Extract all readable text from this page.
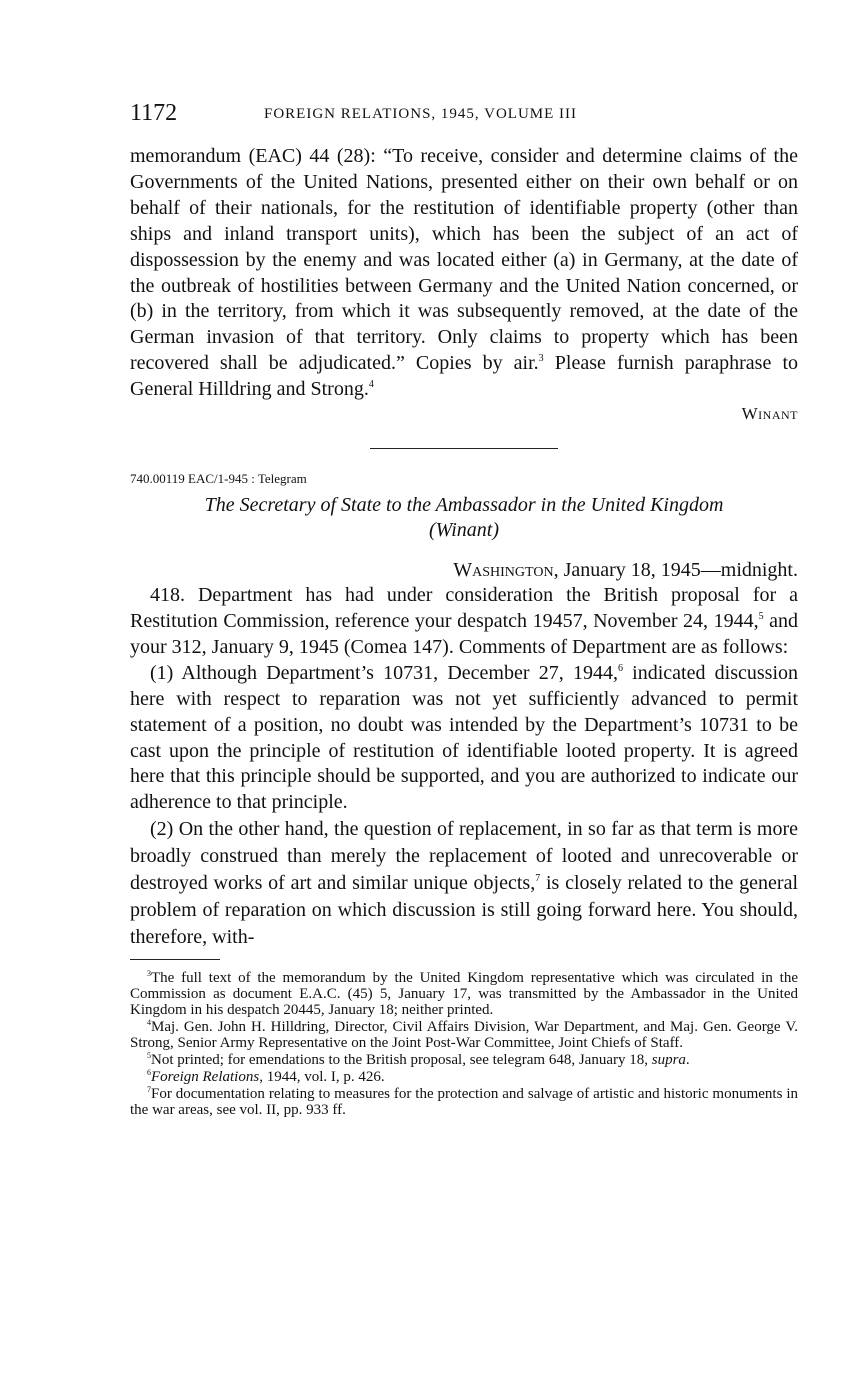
1172	FOREIGN RELATIONS, 1945, VOLUME III

memorandum (EAC) 44 (28): “To receive, consider and determine claims of the Governments of the United Nations, presented either on their own behalf or on behalf of their nationals, for the restitution of identifiable property (other than ships and inland transport units), which has been the subject of an act of dispossession by the enemy and was located either (a) in Germany, at the date of the outbreak of hostilities between Germany and the United Nation concerned, or (b) in the territory, from which it was subsequently removed, at the date of the German invasion of that territory. Only claims to property which has been recovered shall be adjudicated.” Copies by air.$^3$ Please furnish paraphrase to General Hilldring and Strong.$^4$

Winant
740.00119 EAC/1-945 : Telegram
The Secretary of State to the Ambassador in the United Kingdom
(Winant)
Washington, January 18, 1945—midnight.

418. Department has had under consideration the British proposal for a Restitution Commission, reference your despatch 19457, November 24, 1944,$^5$ and your 312, January 9, 1945 (Comea 147). Comments of Department are as follows:

(1) Although Department’s 10731, December 27, 1944,$^6$ indicated discussion here with respect to reparation was not yet sufficiently advanced to permit statement of a position, no doubt was intended by the Department’s 10731 to be cast upon the principle of restitution of identifiable looted property. It is agreed here that this principle should be supported, and you are authorized to indicate our adherence to that principle.

(2) On the other hand, the question of replacement, in so far as that term is more broadly construed than merely the replacement of looted and unrecoverable or destroyed works of art and similar unique objects,$^7$ is closely related to the general problem of reparation on which discussion is still going forward here. You should, therefore, with-

$^3$The full text of the memorandum by the United Kingdom representative which was circulated in the Commission as document E.A.C. (45) 5, January 17, was transmitted by the Ambassador in the United Kingdom in his despatch 20445, January 18; neither printed.

$^4$Maj. Gen. John H. Hilldring, Director, Civil Affairs Division, War Department, and Maj. Gen. George V. Strong, Senior Army Representative on the Joint Post-War Committee, Joint Chiefs of Staff.

$^5$Not printed; for emendations to the British proposal, see telegram 648, January 18, supra.

$^6$Foreign Relations, 1944, vol. I, p. 426.

$^7$For documentation relating to measures for the protection and salvage of artistic and historic monuments in the war areas, see vol. II, pp. 933 ff.
